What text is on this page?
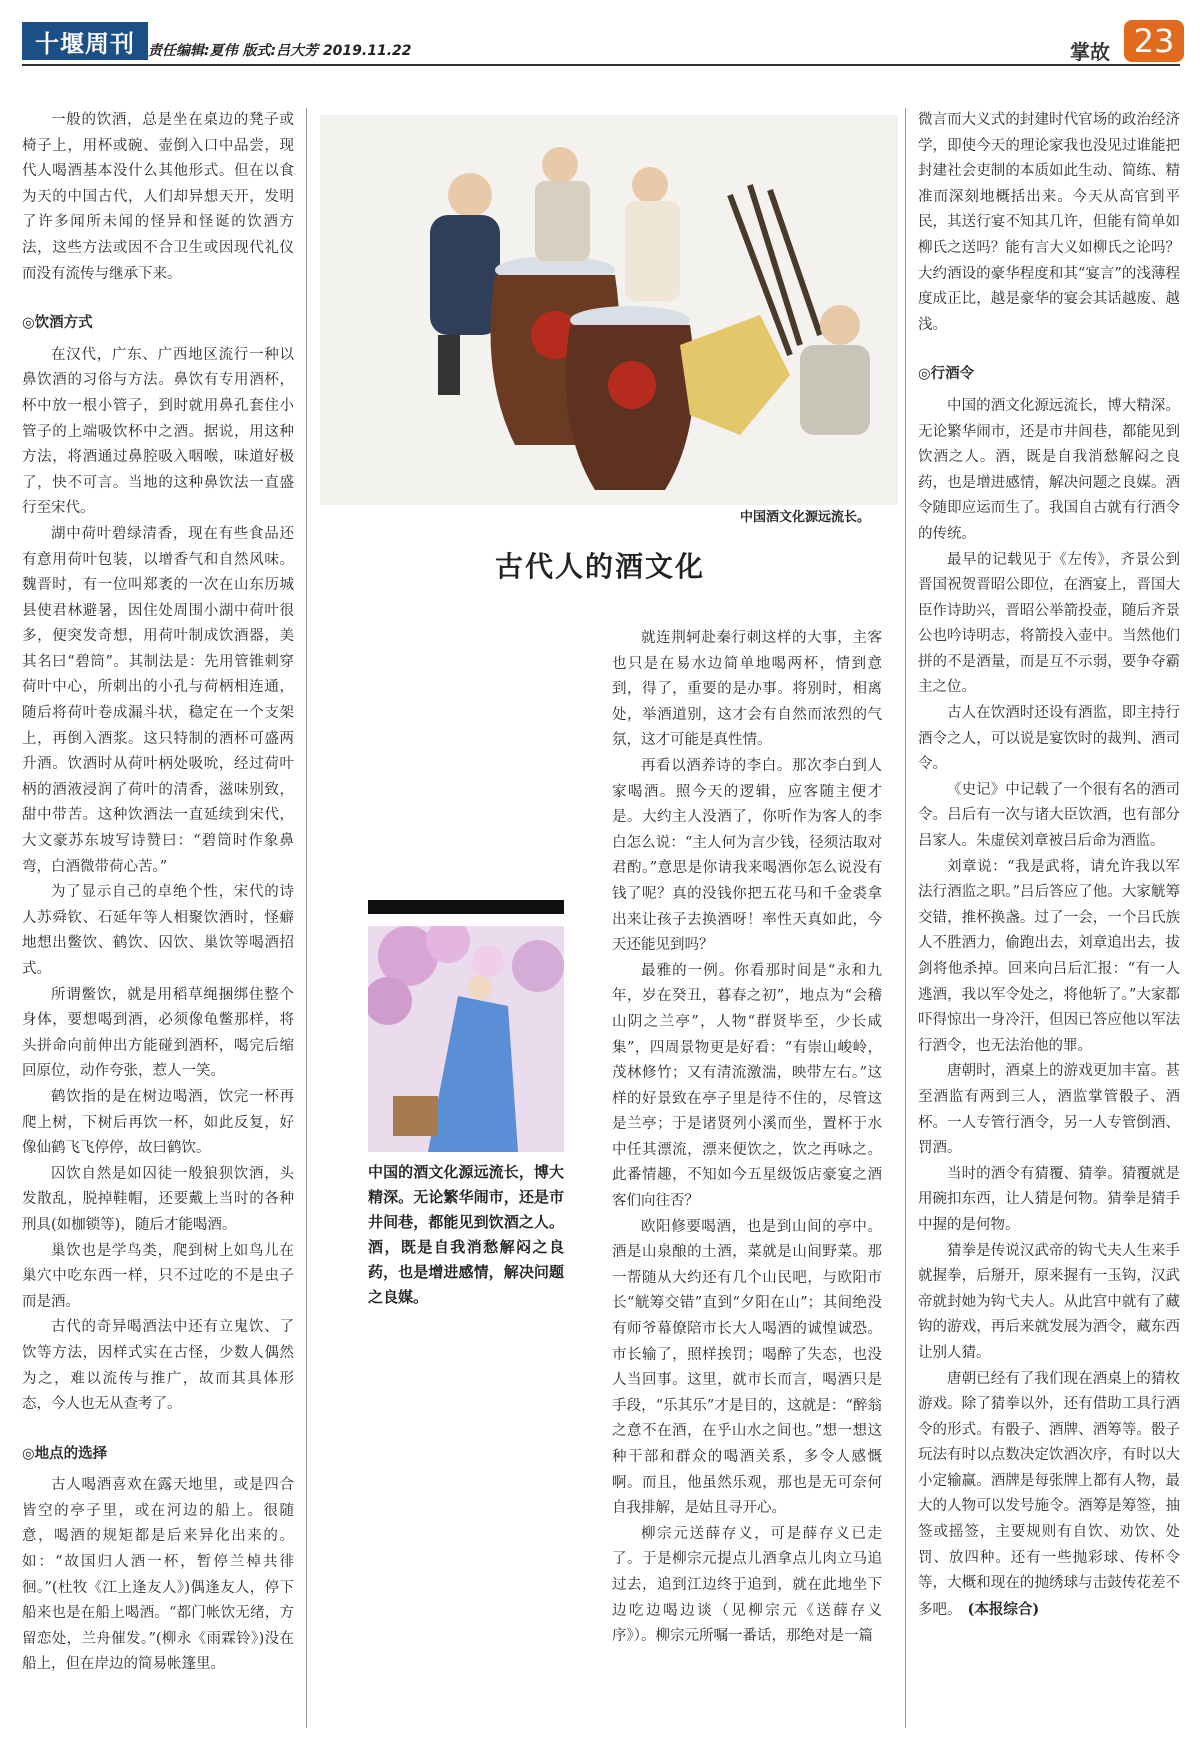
十堰周刊 责任编辑:夏伟 版式:吕大芳 2019.11.22	掌故 23

一般的饮酒，总是坐在桌边的凳子或椅子上，用杯或碗、壶倒入口中品尝，现代人喝酒基本没什么其他形式。但在以食为天的中国古代，人们却异想天开，发明了许多闻所未闻的怪异和怪诞的饮酒方法，这些方法或因不合卫生或因现代礼仪而没有流传与继承下来。

◎饮酒方式

在汉代，广东、广西地区流行一种以鼻饮酒的习俗与方法。鼻饮有专用酒杯，杯中放一根小管子，到时就用鼻孔套住小管子的上端吸饮杯中之酒。据说，用这种方法，将酒通过鼻腔吸入咽喉，味道好极了，快不可言。当地的这种鼻饮法一直盛行至宋代。

湖中荷叶碧绿清香，现在有些食品还有意用荷叶包装，以增香气和自然风味。魏晋时，有一位叫郑袤的一次在山东历城县使君林避暑，因住处周围小湖中荷叶很多，便突发奇想，用荷叶制成饮酒器，美其名曰“碧筒”。其制法是：先用管锥刺穿荷叶中心，所刺出的小孔与荷柄相连通，随后将荷叶卷成漏斗状，稳定在一个支架上，再倒入酒浆。这只特制的酒杯可盛两升酒。饮酒时从荷叶柄处吸吮，经过荷叶柄的酒液浸润了荷叶的清香，滋味别致，甜中带苦。这种饮酒法一直延续到宋代，大文豪苏东坡写诗赞曰：“碧筒时作象鼻弯，白酒微带荷心苦。”

为了显示自己的卓绝个性，宋代的诗人苏舜钦、石延年等人相聚饮酒时，怪癖地想出鳖饮、鹤饮、囚饮、巢饮等喝酒招式。

所谓鳖饮，就是用稻草绳捆绑住整个身体，要想喝到酒，必须像龟鳖那样，将头拼命向前伸出方能碰到酒杯，喝完后缩回原位，动作夸张，惹人一笑。

鹤饮指的是在树边喝酒，饮完一杯再爬上树，下树后再饮一杯，如此反复，好像仙鹤飞飞停停，故曰鹤饮。

囚饮自然是如囚徒一般狼狈饮酒，头发散乱，脱掉鞋帽，还要戴上当时的各种刑具(如枷锁等)，随后才能喝酒。

巢饮也是学鸟类，爬到树上如鸟儿在巢穴中吃东西一样，只不过吃的不是虫子而是酒。

古代的奇异喝酒法中还有立鬼饮、了饮等方法，因样式实在古怪，少数人偶然为之，难以流传与推广，故而其具体形态，今人也无从查考了。

◎地点的选择

古人喝酒喜欢在露天地里，或是四合皆空的亭子里，或在河边的船上。很随意，喝酒的规矩都是后来异化出来的。如：“故国归人酒一杯，暂停兰棹共徘徊。”(杜牧《江上逢友人》)偶逢友人，停下船来也是在船上喝酒。“都门帐饮无绪，方留恋处，兰舟催发。”(柳永《雨霖铃》)没在船上，但在岸边的简易帐篷里。

中国酒文化源远流长。
古代人的酒文化
中国的酒文化源远流长，博大精深。无论繁华闹市，还是市井间巷，都能见到饮酒之人。酒，既是自我消愁解闷之良药，也是增进感情，解决问题之良媒。

就连荆轲赴秦行刺这样的大事，主客也只是在易水边简单地喝两杯，情到意到，得了，重要的是办事。将别时，相离处，举酒道别，这才会有自然而浓烈的气氛，这才可能是真性情。

再看以酒养诗的李白。那次李白到人家喝酒。照今天的逻辑，应客随主便才是。大约主人没酒了，你听作为客人的李白怎么说：“主人何为言少钱，径须沽取对君酌。”意思是你请我来喝酒你怎么说没有钱了呢？真的没钱你把五花马和千金裘拿出来让孩子去换酒呀！率性天真如此，今天还能见到吗？

最雅的一例。你看那时间是“永和九年，岁在癸丑，暮春之初”，地点为“会稽山阴之兰亭”，人物“群贤毕至，少长咸集”，四周景物更是好看：“有崇山峻岭，茂林修竹；又有清流激湍，映带左右。”这样的好景致在亭子里是待不住的，尽管这是兰亭；于是诸贤列小溪而坐，置杯于水中任其漂流，漂来便饮之，饮之再咏之。此番情趣，不知如今五星级饭店豪宴之酒客们向往否？

欧阳修要喝酒，也是到山间的亭中。酒是山泉酿的土酒，菜就是山间野菜。那一帮随从大约还有几个山民吧，与欧阳市长“觥筹交错”直到“夕阳在山”；其间绝没有师爷幕僚陪市长大人喝酒的诚惶诚恐。市长输了，照样挨罚；喝醉了失态，也没人当回事。这里，就市长而言，喝酒只是手段，“乐其乐”才是目的，这就是：“醉翁之意不在酒，在乎山水之间也。”想一想这种干部和群众的喝酒关系，多令人感慨啊。而且，他虽然乐观，那也是无可奈何自我排解，是姑且寻开心。

柳宗元送薛存义，可是薛存义已走了。于是柳宗元提点儿酒拿点儿肉立马追过去，追到江边终于追到，就在此地坐下边吃边喝边谈（见柳宗元《送薛存义序》）。柳宗元所嘱一番话，那绝对是一篇

微言而大义式的封建时代官场的政治经济学，即使今天的理论家我也没见过谁能把封建社会吏制的本质如此生动、简练、精准而深刻地概括出来。今天从高官到平民，其送行宴不知其几许，但能有简单如柳氏之送吗？能有言大义如柳氏之论吗？大约酒设的豪华程度和其“宴言”的浅薄程度成正比，越是豪华的宴会其话越废、越浅。

◎行酒令

中国的酒文化源远流长，博大精深。无论繁华闹市，还是市井闾巷，都能见到饮酒之人。酒，既是自我消愁解闷之良药，也是增进感情，解决问题之良媒。酒令随即应运而生了。我国自古就有行酒令的传统。

最早的记载见于《左传》，齐景公到晋国祝贺晋昭公即位，在酒宴上，晋国大臣作诗助兴，晋昭公举箭投壶，随后齐景公也吟诗明志，将箭投入壶中。当然他们拼的不是酒量，而是互不示弱，要争夺霸主之位。

古人在饮酒时还设有酒监，即主持行酒令之人，可以说是宴饮时的裁判、酒司令。

《史记》中记载了一个很有名的酒司令。吕后有一次与诸大臣饮酒，也有部分吕家人。朱虚侯刘章被吕后命为酒监。

刘章说：“我是武将，请允许我以军法行酒监之职。”吕后答应了他。大家觥筹交错，推杯换盏。过了一会，一个吕氏族人不胜酒力，偷跑出去，刘章追出去，拔剑将他杀掉。回来向吕后汇报：“有一人逃酒，我以军令处之，将他斩了。”大家都吓得惊出一身冷汗，但因已答应他以军法行酒令，也无法治他的罪。

唐朝时，酒桌上的游戏更加丰富。甚至酒监有两到三人，酒监掌管骰子、酒杯。一人专管行酒令，另一人专管倒酒、罚酒。

当时的酒令有猜覆、猜拳。猜覆就是用碗扣东西，让人猜是何物。猜拳是猜手中握的是何物。

猜拳是传说汉武帝的钩弋夫人生来手就握拳，后掰开，原来握有一玉钩，汉武帝就封她为钩弋夫人。从此宫中就有了藏钩的游戏，再后来就发展为酒令，藏东西让别人猜。

唐朝已经有了我们现在酒桌上的猜枚游戏。除了猜拳以外，还有借助工具行酒令的形式。有骰子、酒牌、酒筹等。骰子玩法有时以点数决定饮酒次序，有时以大小定输赢。酒牌是每张牌上都有人物，最大的人物可以发号施令。酒筹是筹签，抽签或摇签，主要规则有自饮、劝饮、处罚、放四种。还有一些抛彩球、传杯令等，大概和现在的抛绣球与击鼓传花差不多吧。 (本报综合)
